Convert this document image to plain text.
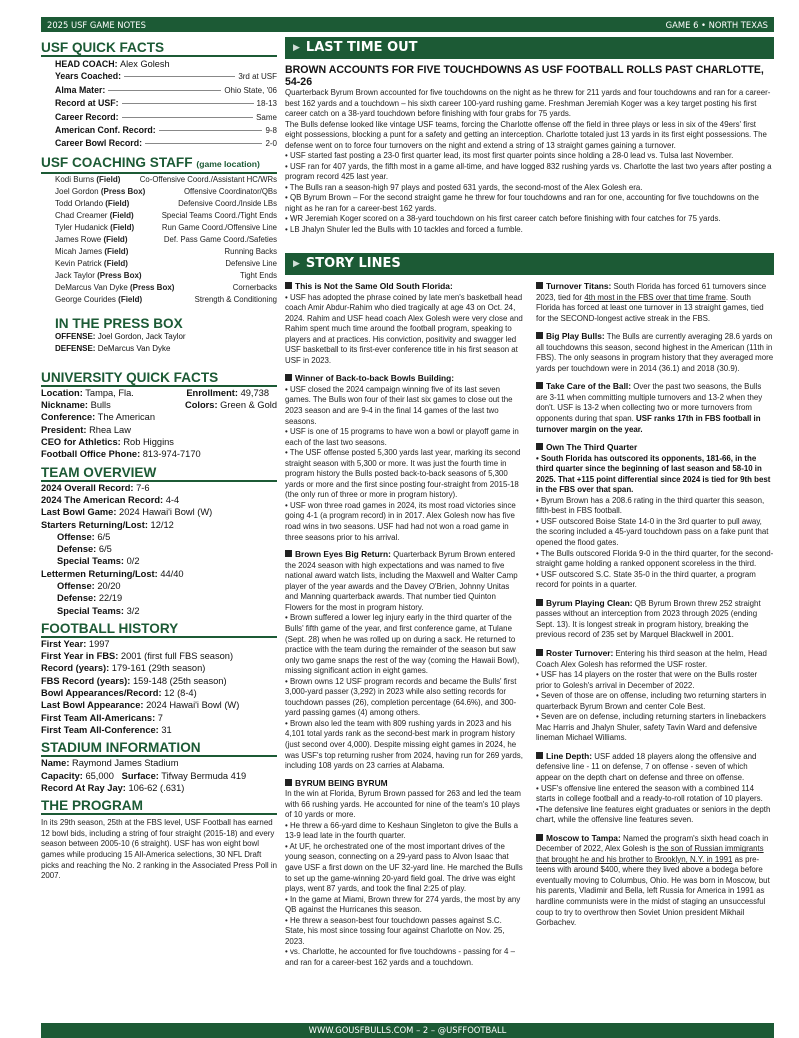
2025 USF GAME NOTES	GAME 6 • NORTH TEXAS
USF QUICK FACTS
HEAD COACH:
Alex Golesh
Years Coached:	3rd at USF
Alma Mater:	Ohio State, '06
Record at USF:	18-13
Career Record:	Same
American Conf. Record:	9-8
Career Bowl Record:	2-0
USF COACHING STAFF (game location)
Kodi Burns (Field) Co-Offensive Coord./Assistant HC/WRs
Joel Gordon (Press Box)	Offensive Coordinator/QBs
Todd Orlando (Field)	Defensive Coord./Inside LBs
Chad Creamer (Field)	Special Teams Coord./Tight Ends
Tyler Hudanick (Field)	Run Game Coord./Offensive Line
James Rowe (Field)	Def. Pass Game Coord./Safeties
Micah James (Field)	Running Backs
Kevin Patrick (Field)	Defensive Line
Jack Taylor (Press Box)	Tight Ends
DeMarcus Van Dyke (Press Box)	Cornerbacks
George Courides (Field)	Strength & Conditioning
IN THE PRESS BOX
OFFENSE: Joel Gordon, Jack Taylor
DEFENSE: DeMarcus Van Dyke
UNIVERSITY QUICK FACTS
Location: Tampa, Fla.	Enrollment: 49,738
Nickname: Bulls	Colors: Green & Gold
Conference: The American
President: Rhea Law
CEO for Athletics: Rob Higgins
Football Office Phone: 813-974-7170
TEAM OVERVIEW
2024 Overall Record: 7-6
2024 The American Record: 4-4
Last Bowl Game: 2024 Hawai'i Bowl (W)
Starters Returning/Lost: 12/12
Offense: 6/5
Defense: 6/5
Special Teams: 0/2
Lettermen Returning/Lost: 44/40
Offense: 20/20
Defense: 22/19
Special Teams: 3/2
FOOTBALL HISTORY
First Year: 1997
First Year in FBS: 2001 (first full FBS season)
Record (years): 179-161 (29th season)
FBS Record (years): 159-148 (25th season)
Bowl Appearances/Record: 12 (8-4)
Last Bowl Appearance: 2024 Hawai'i Bowl (W)
First Team All-Americans: 7
First Team All-Conference: 31
STADIUM INFORMATION
Name: Raymond James Stadium
Capacity: 65,000 Surface: Tifway Bermuda 419
Record At Ray Jay: 106-62 (.631)
THE PROGRAM
In its 29th season, 25th at the FBS level, USF Football has earned 12 bowl bids, including a string of four straight (2015-18) and every season between 2005-10 (6 straight). USF has won eight bowl games while producing 15 All-America selections, 30 NFL Draft picks and reaching the No. 2 ranking in the Associated Press Poll in 2007.
▶ LAST TIME OUT
BROWN ACCOUNTS FOR FIVE TOUCHDOWNS AS USF FOOTBALL ROLLS PAST CHARLOTTE, 54-26
Quarterback Byrum Brown accounted for five touchdowns on the night as he threw for 211 yards and four touchdowns and ran for a career-best 162 yards and a touchdown – his sixth career 100-yard rushing game. Freshman Jeremiah Koger was a key target posting his first career catch on a 38-yard touchdown before finishing with four grabs for 75 yards.
The Bulls defense looked like vintage USF teams, forcing the Charlotte offense off the field in three plays or less in six of the 49ers' first eight possessions, blocking a punt for a safety and getting an interception. Charlotte totaled just 13 yards in its first eight possessions. The defense went on to force four turnovers on the night and extend a string of 13 straight games gaining a turnover.
• USF started fast posting a 23-0 first quarter lead, its most first quarter points since holding a 28-0 lead vs. Tulsa last November.
• USF ran for 407 yards, the fifth most in a game all-time, and have logged 832 rushing yards vs. Charlotte the last two years after posting a program record 425 last year.
• The Bulls ran a season-high 97 plays and posted 631 yards, the second-most of the Alex Golesh era.
• QB Byrum Brown – For the second straight game he threw for four touchdowns and ran for one, accounting for five touchdowns on the night as he ran for a career-best 162 yards.
• WR Jeremiah Koger scored on a 38-yard touchdown on his first career catch before finishing with four catches for 75 yards.
• LB Jhalyn Shuler led the Bulls with 10 tackles and forced a fumble.
▶ STORY LINES

This is Not the Same Old South Florida:
• USF has adopted the phrase coined by late men's basketball head coach Amir Abdur-Rahim who died tragically at age 43 on Oct. 24, 2024. Rahim and USF head coach Alex Golesh were very close and Rahim spent much time around the football program, speaking to players and at practices. His conviction, positivity and swagger led USF basketball to its first-ever conference title in his first season at USF in 2023.

Winner of Back-to-back Bowls Building:
• USF closed the 2024 campaign winning five of its last seven games. The Bulls won four of their last six games to close out the 2023 season and are 9-4 in the final 14 games of the last two seasons.
• USF is one of 15 programs to have won a bowl or playoff game in each of the last two seasons.
• The USF offense posted 5,300 yards last year, marking its second straight season with 5,300 or more. It was just the fourth time in program history the Bulls posted back-to-back seasons of 5,300 yards or more and the first since posting four-straight from 2015-18 (the only run of three or more in program history).
• USF won three road games in 2024, its most road victories since going 4-1 (a program record) in in 2017. Alex Golesh now has five road wins in two seasons. USF had had not won a road game in three seasons prior to his arrival.

Brown Eyes Big Return: Quarterback Byrum Brown entered the 2024 season with high expectations and was named to five national award watch lists, including the Maxwell and Walter Camp player of the year awards and the Davey O'Brien, Johnny Unitas and Manning quarterback awards. That number tied Quinton Flowers for the most in program history.
• Brown suffered a lower leg injury early in the third quarter of the Bulls' fifth game of the year, and first conference game, at Tulane (Sept. 28) when he was rolled up on during a sack. He returned to practice with the team during the remainder of the season but saw only two game snaps the rest of the way (coming the Hawaii Bowl), missing significant action in eight games.
• Brown owns 12 USF program records and became the Bulls' first 3,000-yard passer (3,292) in 2023 while also setting records for touchdown passes (26), completion percentage (64.6%), and 300-yard passing games (4) among others.
• Brown also led the team with 809 rushing yards in 2023 and his 4,101 total yards rank as the second-best mark in program history (just second over 4,000). Despite missing eight games in 2024, he was USF's top returning rusher from 2024, having run for 269 yards, including 108 yards on 23 carries at Alabama.

BYRUM BEING BYRUM
In the win at Florida, Byrum Brown passed for 263 and led the team with 66 rushing yards. He accounted for nine of the team's 10 plays of 10 yards or more.
• He threw a 66-yard dime to Keshaun Singleton to give the Bulls a 13-9 lead late in the fourth quarter.
• At UF, he orchestrated one of the most important drives of the young season, connecting on a 29-yard pass to Alvon Isaac that gave USF a first down on the UF 32-yard line. He marched the Bulls to set up the game-winning 20-yard field goal. The drive was eight plays, went 87 yards, and took the final 2:25 of play.
• In the game at Miami, Brown threw for 274 yards, the most by any QB against the Hurricanes this season.
• He threw a season-best four touchdown passes against S.C. State, his most since tossing four against Charlotte on Nov. 25, 2023.
• vs. Charlotte, he accounted for five touchdowns - passing for 4 – and ran for a career-best 162 yards and a touchdown.

Turnover Titans: South Florida has forced 61 turnovers since 2023, tied for 4th most in the FBS over that time frame. South Florida has forced at least one turnover in 13 straight games, tied for the SECOND-longest active streak in the FBS.

Big Play Bulls: The Bulls are currently averaging 28.6 yards on all touchdowns this season, second highest in the American (11th in FBS). The only seasons in program history that they averaged more yards per touchdown were in 2014 (36.1) and 2018 (30.9).

Take Care of the Ball: Over the past two seasons, the Bulls are 3-11 when committing multiple turnovers and 13-2 when they don't. USF is 13-2 when collecting two or more turnovers from opponents during that span. USF ranks 17th in FBS football in turnover margin on the year.

Own The Third Quarter
• South Florida has outscored its opponents, 181-66, in the third quarter since the beginning of last season and 58-10 in 2025. That +115 point differential since 2024 is tied for 9th best in the FBS over that span.
• Byrum Brown has a 208.6 rating in the third quarter this season, fifth-best in FBS football.
• USF outscored Boise State 14-0 in the 3rd quarter to pull away, the scoring included a 45-yard touchdown pass on a fake punt that opened the flood gates.
• The Bulls outscored Florida 9-0 in the third quarter, for the second-straight game holding a ranked opponent scoreless in the third.
• USF outscored S.C. State 35-0 in the third quarter, a program record for points in a quarter.

Byrum Playing Clean: QB Byrum Brown threw 252 straight passes without an interception from 2023 through 2025 (ending Sept. 13). It is longest streak in program history, breaking the previous record of 235 set by Marquel Blackwell in 2001.

Roster Turnover: Entering his third season at the helm, Head Coach Alex Golesh has reformed the USF roster.
• USF has 14 players on the roster that were on the Bulls roster prior to Golesh's arrival in December of 2022.
• Seven of those are on offense, including two returning starters in quarterback Byrum Brown and center Cole Best.
• Seven are on defense, including returning starters in linebackers Mac Harris and Jhalyn Shuler, safety Tavin Ward and defensive lineman Michael Williams.

Line Depth: USF added 18 players along the offensive and defensive line - 11 on defense, 7 on offense - seven of which appear on the depth chart on defense and three on offense.
• USF's offensive line entered the season with a combined 114 starts in college football and a ready-to-roll rotation of 10 players.
•The defensive line features eight graduates or seniors in the depth chart, while the offensive line features seven.

Moscow to Tampa: Named the program's sixth head coach in December of 2022, Alex Golesh is the son of Russian immigrants that brought he and his brother to Brooklyn, N.Y. in 1991 as pre-teens with around $400, where they lived above a bodega before eventually moving to Columbus, Ohio. He was born in Moscow, but his parents, Vladimir and Bella, left Russia for America in 1991 as hardline communists were in the midst of staging an unsuccessful coup to try to overthrow then Soviet Union president Mikhail Gorbachev.

WWW.GOUSFBULLS.COM – 2 – @USFFOOTBALL
